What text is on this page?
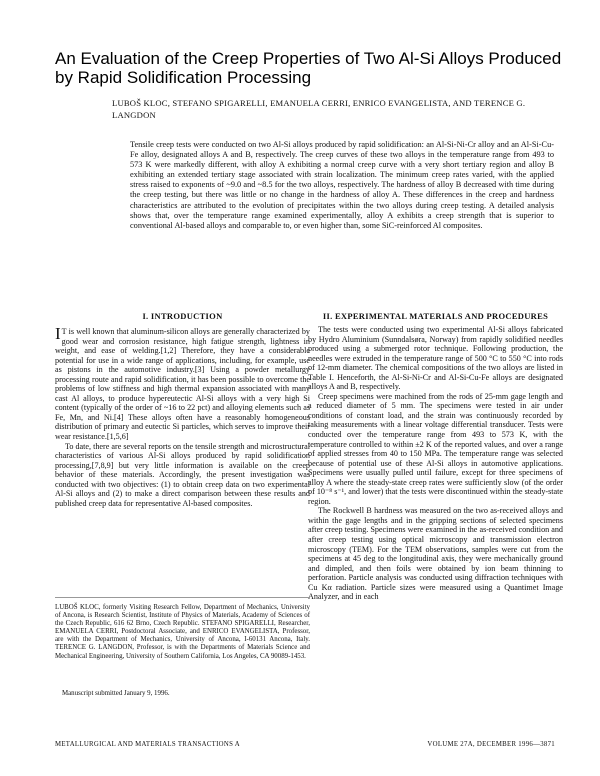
An Evaluation of the Creep Properties of Two Al-Si Alloys Produced by Rapid Solidification Processing
LUBOŠ KLOC, STEFANO SPIGARELLI, EMANUELA CERRI, ENRICO EVANGELISTA, AND TERENCE G. LANGDON

Tensile creep tests were conducted on two Al-Si alloys produced by rapid solidification: an Al-Si-Ni-Cr alloy and an Al-Si-Cu-Fe alloy, designated alloys A and B, respectively. The creep curves of these two alloys in the temperature range from 493 to 573 K were markedly different, with alloy A exhibiting a normal creep curve with a very short tertiary region and alloy B exhibiting an extended tertiary stage associated with strain localization. The minimum creep rates varied, with the applied stress raised to exponents of ~9.0 and ~8.5 for the two alloys, respectively. The hardness of alloy B decreased with time during the creep testing, but there was little or no change in the hardness of alloy A. These differences in the creep and hardness characteristics are attributed to the evolution of precipitates within the two alloys during creep testing. A detailed analysis shows that, over the temperature range examined experimentally, alloy A exhibits a creep strength that is superior to conventional Al-based alloys and comparable to, or even higher than, some SiC-reinforced Al composites.

I. INTRODUCTION

I T is well known that aluminum-silicon alloys are generally characterized by good wear and corrosion resistance, high fatigue strength, lightness in weight, and ease of welding.[1,2] Therefore, they have a considerable potential for use in a wide range of applications, including, for example, use as pistons in the automotive industry.[3] Using a powder metallurgy processing route and rapid solidification, it has been possible to overcome the problems of low stiffness and high thermal expansion associated with many cast Al alloys, to produce hypereutectic Al-Si alloys with a very high Si content (typically of the order of ~16 to 22 pct) and alloying elements such as Fe, Mn, and Ni.[4] These alloys often have a reasonably homogeneous distribution of primary and eutectic Si particles, which serves to improve their wear resistance.[1,5,6]

To date, there are several reports on the tensile strength and microstructural characteristics of various Al-Si alloys produced by rapid solidification processing,[7,8,9] but very little information is available on the creep behavior of these materials. Accordingly, the present investigation was conducted with two objectives: (1) to obtain creep data on two experimental Al-Si alloys and (2) to make a direct comparison between these results and published creep data for representative Al-based composites.

II. EXPERIMENTAL MATERIALS AND PROCEDURES

The tests were conducted using two experimental Al-Si alloys fabricated by Hydro Aluminium (Sunndalsøra, Norway) from rapidly solidified needles produced using a submerged rotor technique. Following production, the needles were extruded in the temperature range of 500 °C to 550 °C into rods of 12-mm diameter. The chemical compositions of the two alloys are listed in Table I. Henceforth, the Al-Si-Ni-Cr and Al-Si-Cu-Fe alloys are designated alloys A and B, respectively.

Creep specimens were machined from the rods of 25-mm gage length and a reduced diameter of 5 mm. The specimens were tested in air under conditions of constant load, and the strain was continuously recorded by taking measurements with a linear voltage differential transducer. Tests were conducted over the temperature range from 493 to 573 K, with the temperature controlled to within ±2 K of the reported values, and over a range of applied stresses from 40 to 150 MPa. The temperature range was selected because of potential use of these Al-Si alloys in automotive applications. Specimens were usually pulled until failure, except for three specimens of alloy A where the steady-state creep rates were sufficiently slow (of the order of 10⁻⁸ s⁻¹, and lower) that the tests were discontinued within the steady-state region.

The Rockwell B hardness was measured on the two as-received alloys and within the gage lengths and in the gripping sections of selected specimens after creep testing. Specimens were examined in the as-received condition and after creep testing using optical microscopy and transmission electron microscopy (TEM). For the TEM observations, samples were cut from the specimens at 45 deg to the longitudinal axis, they were mechanically ground and dimpled, and then foils were obtained by ion beam thinning to perforation. Particle analysis was conducted using diffraction techniques with Cu Kα radiation. Particle sizes were measured using a Quantimet Image Analyzer, and in each

LUBOŠ KLOC, formerly Visiting Research Fellow, Department of Mechanics, University of Ancona, is Research Scientist, Institute of Physics of Materials, Academy of Sciences of the Czech Republic, 616 62 Brno, Czech Republic. STEFANO SPIGARELLI, Researcher, EMANUELA CERRI, Postdoctoral Associate, and ENRICO EVANGELISTA, Professor, are with the Department of Mechanics, University of Ancona, I-60131 Ancona, Italy. TERENCE G. LANGDON, Professor, is with the Departments of Materials Science and Mechanical Engineering, University of Southern California, Los Angeles, CA 90089-1453.

Manuscript submitted January 9, 1996.
METALLURGICAL AND MATERIALS TRANSACTIONS A	VOLUME 27A, DECEMBER 1996—3871
